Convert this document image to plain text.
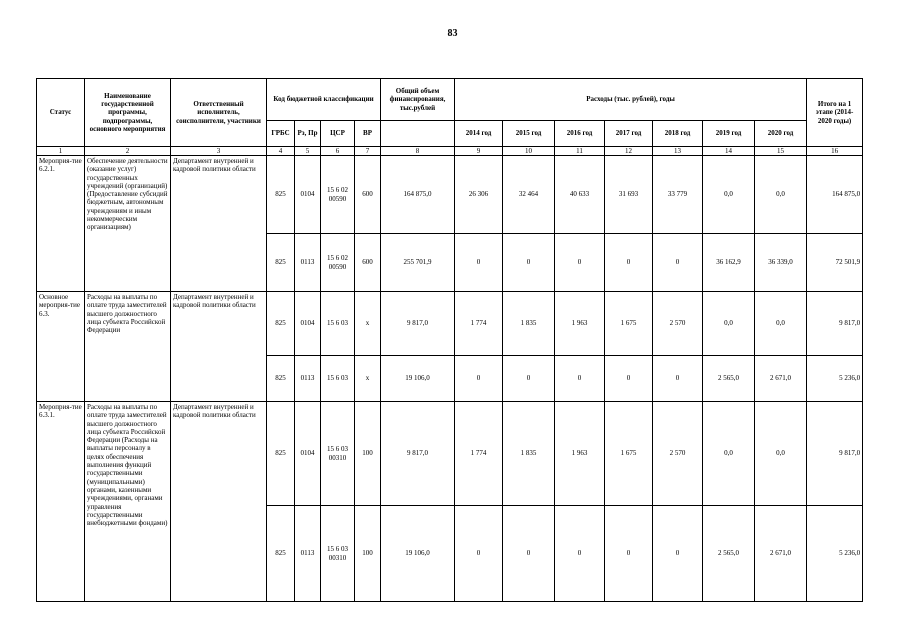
83
Статус	Наименование государственной программы, подпрограммы, основного мероприятия	Ответственный исполнитель, соисполнители, участники	Код бюджетной классификации				Общий объем финансирования, тыс.рублей	Расходы (тыс. рублей), годы							Итого на 1 этапе (2014-2020 годы)
			ГРБС	Рз, Пр	ЦСР	ВР		2014 год	2015 год	2016 год	2017 год	2018 год	2019 год	2020 год	
1	2	3	4	5	6	7	8	9	10	11	12	13	14	15	16
Мероприя-тие 6.2.1.	Обеспечение деятельности (оказание услуг) государственных учреждений (организаций) (Предоставление субсидий бюджетным, автономным учреждениям и иным некоммерческим организациям)	Департамент внутренней и кадровой политики области	825	0104	15 6 02 00590	600	164 875,0	26 306	32 464	40 633	31 693	33 779	0,0	0,0	164 875,0
			825	0113	15 6 02 00590	600	255 701,9	0	0	0	0	0	36 162,9	36 339,0	72 501,9
Основное мероприя-тие 6.3.	Расходы на выплаты по оплате труда заместителей высшего должностного лица субъекта Российской Федерации	Департамент внутренней и кадровой политики области	825	0104	15 6 03	х	9 817,0	1 774	1 835	1 963	1 675	2 570	0,0	0,0	9 817,0
			825	0113	15 6 03	х	19 106,0	0	0	0	0	0	2 565,0	2 671,0	5 236,0
Мероприя-тие 6.3.1.	Расходы на выплаты по оплате труда заместителей высшего должностного лица субъекта Российской Федерации (Расходы на выплаты персоналу в целях обеспечения выполнения функций государственными (муниципальными) органами, казенными учреждениями, органами управления государственными внебюджетными фондами)	Департамент внутренней и кадровой политики области	825	0104	15 6 03 00310	100	9 817,0	1 774	1 835	1 963	1 675	2 570	0,0	0,0	9 817,0
			825	0113	15 6 03 00310	100	19 106,0	0	0	0	0	0	2 565,0	2 671,0	5 236,0
